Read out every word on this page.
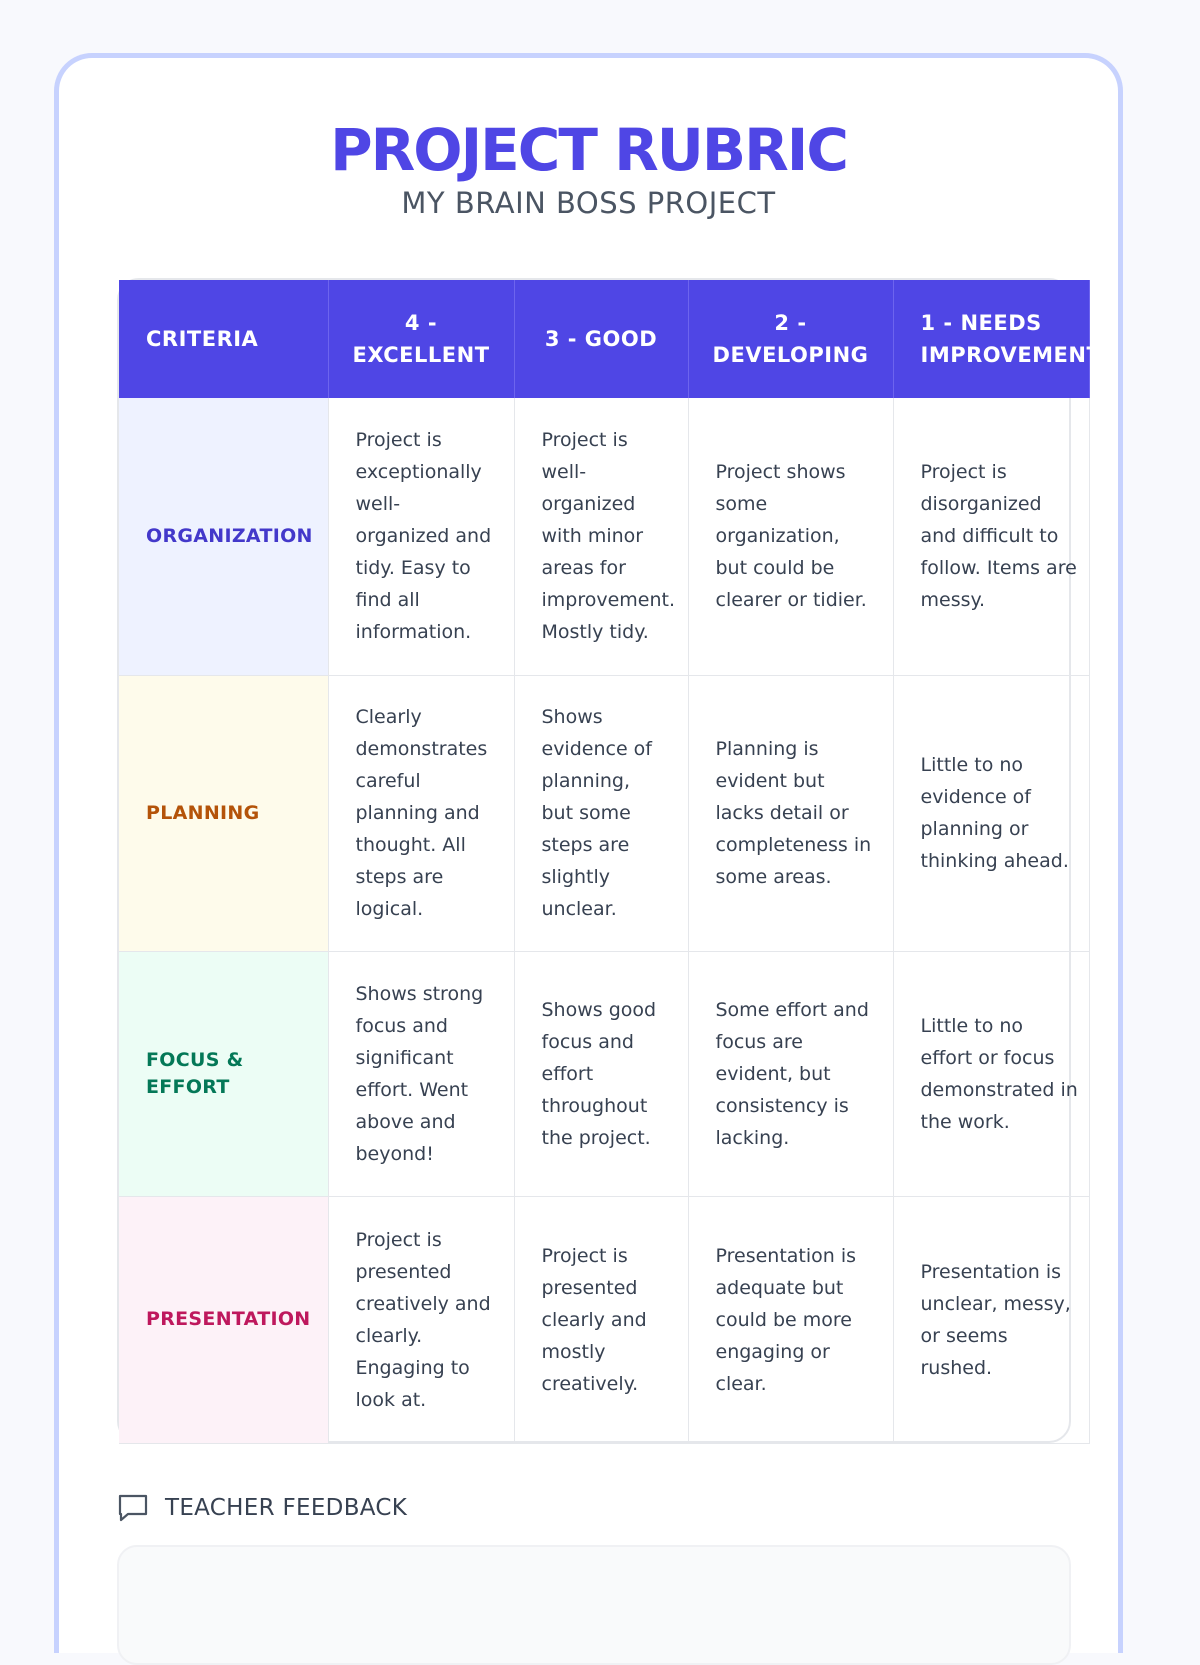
PROJECT RUBRIC
MY BRAIN BOSS PROJECT
CRITERIA	4 - EXCELLENT	3 - GOOD	2 - DEVELOPING	1 - NEEDS IMPROVEMENT

ORGANIZATION	Project is exceptionally well-organized and tidy. Easy to find all information.	Project is well-organized with minor areas for improvement. Mostly tidy.	Project shows some organization, but could be clearer or tidier.	Project is disorganized and difficult to follow. Items are messy.

PLANNING	Clearly demonstrates careful planning and thought. All steps are logical.	Shows evidence of planning, but some steps are slightly unclear.	Planning is evident but lacks detail or completeness in some areas.	Little to no evidence of planning or thinking ahead.

FOCUS & EFFORT	Shows strong focus and significant effort. Went above and beyond!	Shows good focus and effort throughout the project.	Some effort and focus are evident, but consistency is lacking.	Little to no effort or focus demonstrated in the work.

PRESENTATION	Project is presented creatively and clearly. Engaging to look at.	Project is presented clearly and mostly creatively.	Presentation is adequate but could be more engaging or clear.	Presentation is unclear, messy, or seems rushed.
TEACHER FEEDBACK
